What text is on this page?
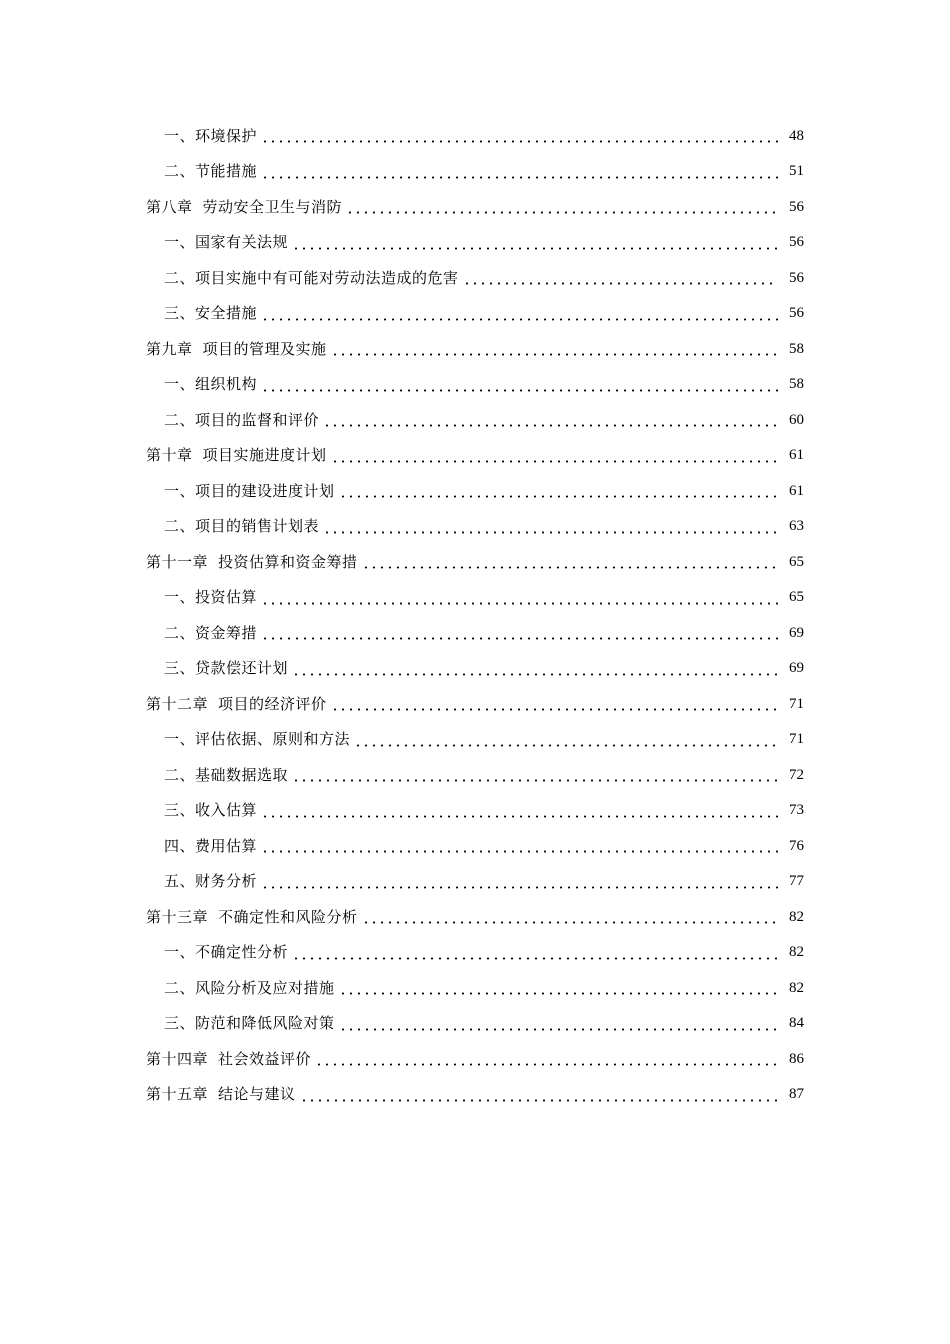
一、环境保护	48
二、节能措施	51
第八章 劳动安全卫生与消防	56
一、国家有关法规	56
二、项目实施中有可能对劳动法造成的危害	56
三、安全措施	56
第九章 项目的管理及实施	58
一、组织机构	58
二、项目的监督和评价	60
第十章 项目实施进度计划	61
一、项目的建设进度计划	61
二、项目的销售计划表	63
第十一章 投资估算和资金筹措	65
一、投资估算	65
二、资金筹措	69
三、贷款偿还计划	69
第十二章 项目的经济评价	71
一、评估依据、原则和方法	71
二、基础数据选取	72
三、收入估算	73
四、费用估算	76
五、财务分析	77
第十三章 不确定性和风险分析	82
一、不确定性分析	82
二、风险分析及应对措施	82
三、防范和降低风险对策	84
第十四章 社会效益评价	86
第十五章 结论与建议	87
